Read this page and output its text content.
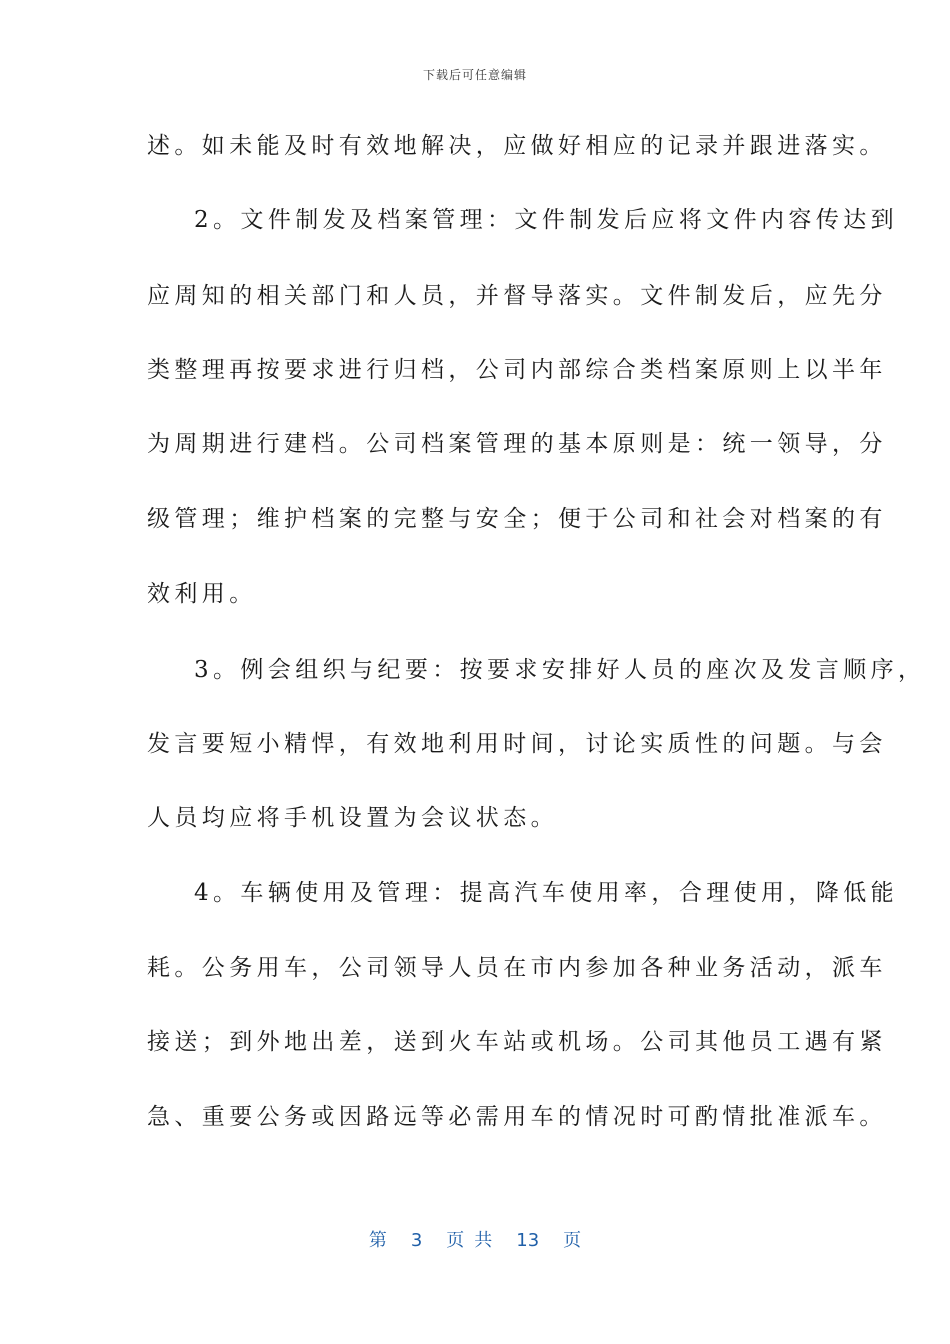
下载后可任意编辑
述。如未能及时有效地解决，应做好相应的记录并跟进落实。
2。文件制发及档案管理：文件制发后应将文件内容传达到
应周知的相关部门和人员，并督导落实。文件制发后，应先分
类整理再按要求进行归档，公司内部综合类档案原则上以半年
为周期进行建档。公司档案管理的基本原则是：统一领导，分
级管理；维护档案的完整与安全；便于公司和社会对档案的有
效利用。
3。例会组织与纪要：按要求安排好人员的座次及发言顺序，
发言要短小精悍，有效地利用时间，讨论实质性的问题。与会
人员均应将手机设置为会议状态。
4。车辆使用及管理：提高汽车使用率，合理使用，降低能
耗。公务用车，公司领导人员在市内参加各种业务活动，派车
接送；到外地出差，送到火车站或机场。公司其他员工遇有紧
急、重要公务或因路远等必需用车的情况时可酌情批准派车。
第 3 页共 13 页
